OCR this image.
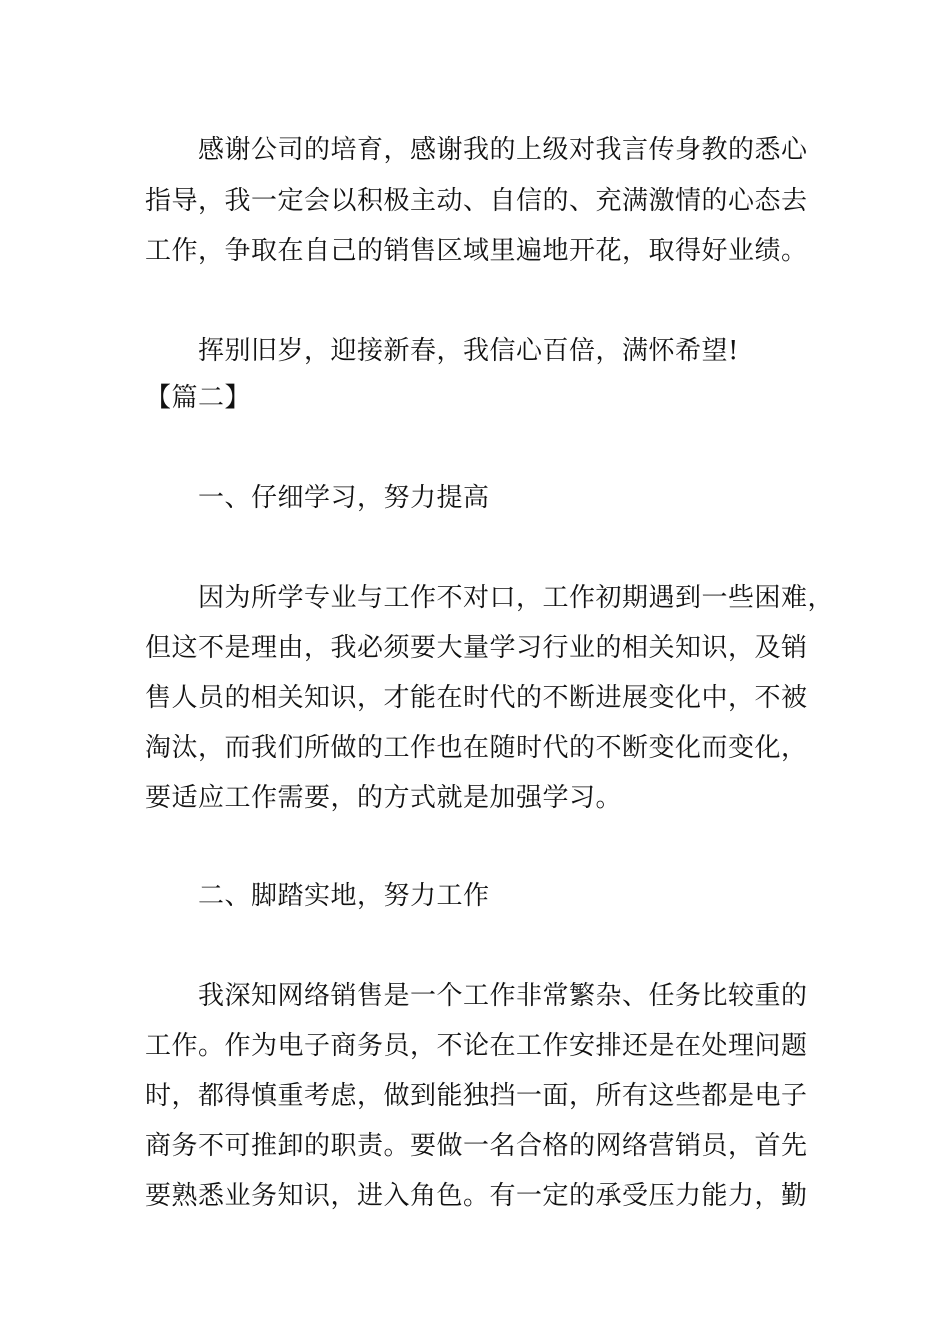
感谢公司的培育，感谢我的上级对我言传身教的悉心
指导，我一定会以积极主动、自信的、充满激情的心态去
工作，争取在自己的销售区域里遍地开花，取得好业绩。
挥别旧岁，迎接新春，我信心百倍，满怀希望!
【篇二】
一、仔细学习，努力提高
因为所学专业与工作不对口，工作初期遇到一些困难，
但这不是理由，我必须要大量学习行业的相关知识，及销
售人员的相关知识，才能在时代的不断进展变化中，不被
淘汰，而我们所做的工作也在随时代的不断变化而变化，
要适应工作需要，的方式就是加强学习。
二、脚踏实地，努力工作
我深知网络销售是一个工作非常繁杂、任务比较重的
工作。作为电子商务员，不论在工作安排还是在处理问题
时，都得慎重考虑，做到能独挡一面，所有这些都是电子
商务不可推卸的职责。要做一名合格的网络营销员，首先
要熟悉业务知识，进入角色。有一定的承受压力能力，勤
